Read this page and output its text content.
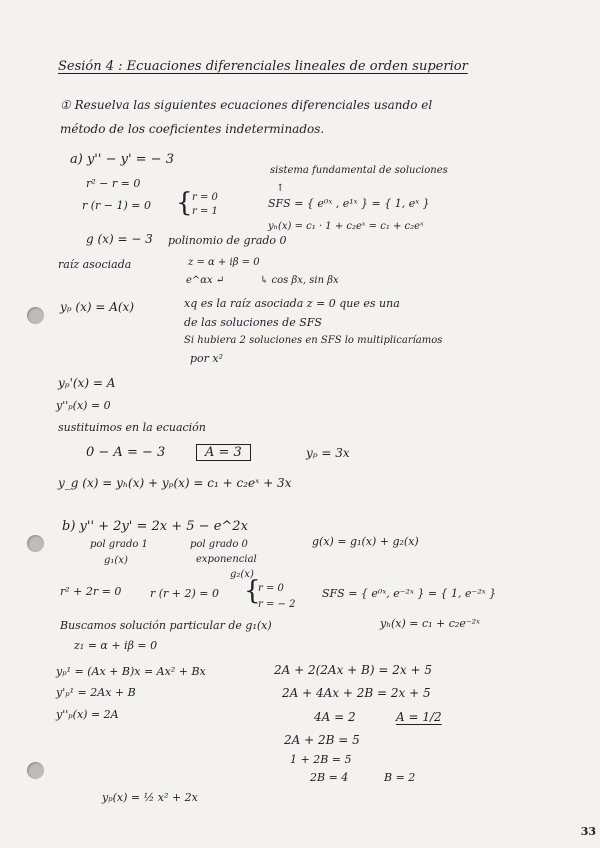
Sesión 4 : Ecuaciones diferenciales lineales de orden superior
① Resuelva las siguientes ecuaciones diferenciales usando el
método de los coeficientes indeterminados.
a) y'' − y' = − 3
sistema fundamental de soluciones
↑
r² − r = 0
r (r − 1) = 0 { r = 0
r = 1
SFS = { e⁰ˣ , e¹ˣ } = { 1, eˣ }
yₕ(x) = c₁ · 1 + c₂eˣ = c₁ + c₂eˣ
g (x) = − 3 polinomio de grado 0
raíz asociada	z = α + iβ = 0
e^αx ↵	↳ cos βx, sin βx
yₚ (x) = A(x)	xq es la raíz asociada z = 0 que es una
de las soluciones de SFS
Si hubiera 2 soluciones en SFS lo multiplicaríamos
por x²
yₚ'(x) = A
y''ₚ(x) = 0
sustituimos en la ecuación
0 − A = − 3	A = 3	yₚ = 3x
y_g (x) = yₕ(x) + yₚ(x) = c₁ + c₂eˣ + 3x
b) y'' + 2y' = 2x + 5 − e^2x
pol grado 1
g₁(x)
pol grado 0
exponencial
g₂(x)
g(x) = g₁(x) + g₂(x)
r² + 2r = 0	r (r + 2) = 0 {
r = 0
r = − 2
SFS = { e⁰ˣ, e⁻²ˣ } = { 1, e⁻²ˣ }
Buscamos solución particular de g₁(x)	yₕ(x) = c₁ + c₂e⁻²ˣ
z₁ = α + iβ = 0
yₚ¹ = (Ax + B)x = Ax² + Bx
y'ₚ¹ = 2Ax + B
y''ₚ(x) = 2A
2A + 2(2Ax + B) = 2x + 5
2A + 4Ax + 2B = 2x + 5
4A = 2	A = 1/2
2A + 2B = 5
1 + 2B = 5
2B = 4	B = 2
yₚ(x) = ½ x² + 2x
33
